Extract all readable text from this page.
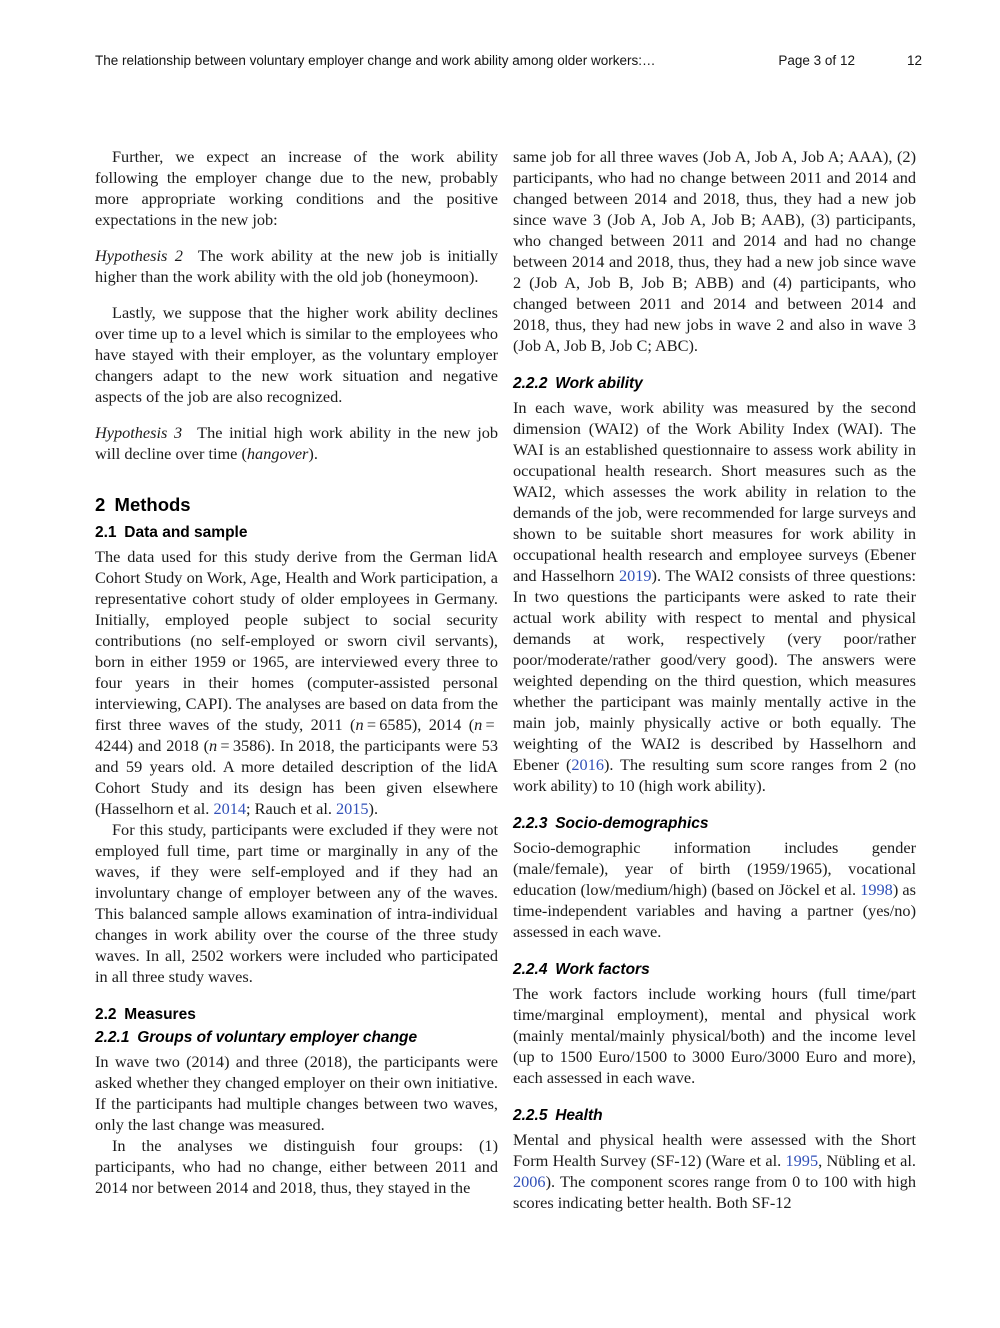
The relationship between voluntary employer change and work ability among older workers:…	Page 3 of 12	12

Further, we expect an increase of the work ability following the employer change due to the new, probably more appropriate working conditions and the positive expectations in the new job:

Hypothesis 2 The work ability at the new job is initially higher than the work ability with the old job (honeymoon).

Lastly, we suppose that the higher work ability declines over time up to a level which is similar to the employees who have stayed with their employer, as the voluntary employer changers adapt to the new work situation and negative aspects of the job are also recognized.

Hypothesis 3 The initial high work ability in the new job will decline over time (hangover).

2 Methods
2.1 Data and sample

The data used for this study derive from the German lidA Cohort Study on Work, Age, Health and Work participation, a representative cohort study of older employees in Germany. Initially, employed people subject to social security contributions (no self-employed or sworn civil servants), born in either 1959 or 1965, are interviewed every three to four years in their homes (computer-assisted personal interviewing, CAPI). The analyses are based on data from the first three waves of the study, 2011 (n = 6585), 2014 (n = 4244) and 2018 (n = 3586). In 2018, the participants were 53 and 59 years old. A more detailed description of the lidA Cohort Study and its design has been given elsewhere (Hasselhorn et al. 2014; Rauch et al. 2015).

For this study, participants were excluded if they were not employed full time, part time or marginally in any of the waves, if they were self-employed and if they had an involuntary change of employer between any of the waves. This balanced sample allows examination of intra-individual changes in work ability over the course of the three study waves. In all, 2502 workers were included who participated in all three study waves.

2.2 Measures
2.2.1 Groups of voluntary employer change

In wave two (2014) and three (2018), the participants were asked whether they changed employer on their own initiative. If the participants had multiple changes between two waves, only the last change was measured.

In the analyses we distinguish four groups: (1) participants, who had no change, either between 2011 and 2014 nor between 2014 and 2018, thus, they stayed in the

same job for all three waves (Job A, Job A, Job A; AAA), (2) participants, who had no change between 2011 and 2014 and changed between 2014 and 2018, thus, they had a new job since wave 3 (Job A, Job A, Job B; AAB), (3) participants, who changed between 2011 and 2014 and had no change between 2014 and 2018, thus, they had a new job since wave 2 (Job A, Job B, Job B; ABB) and (4) participants, who changed between 2011 and 2014 and between 2014 and 2018, thus, they had new jobs in wave 2 and also in wave 3 (Job A, Job B, Job C; ABC).

2.2.2 Work ability

In each wave, work ability was measured by the second dimension (WAI2) of the Work Ability Index (WAI). The WAI is an established questionnaire to assess work ability in occupational health research. Short measures such as the WAI2, which assesses the work ability in relation to the demands of the job, were recommended for large surveys and shown to be suitable short measures for work ability in occupational health research and employee surveys (Ebener and Hasselhorn 2019). The WAI2 consists of three questions: In two questions the participants were asked to rate their actual work ability with respect to mental and physical demands at work, respectively (very poor/rather poor/moderate/rather good/very good). The answers were weighted depending on the third question, which measures whether the participant was mainly mentally active in the main job, mainly physically active or both equally. The weighting of the WAI2 is described by Hasselhorn and Ebener (2016). The resulting sum score ranges from 2 (no work ability) to 10 (high work ability).

2.2.3 Socio-demographics

Socio-demographic information includes gender (male/female), year of birth (1959/1965), vocational education (low/medium/high) (based on Jöckel et al. 1998) as time-independent variables and having a partner (yes/no) assessed in each wave.

2.2.4 Work factors

The work factors include working hours (full time/part time/marginal employment), mental and physical work (mainly mental/mainly physical/both) and the income level (up to 1500 Euro/1500 to 3000 Euro/3000 Euro and more), each assessed in each wave.

2.2.5 Health

Mental and physical health were assessed with the Short Form Health Survey (SF-12) (Ware et al. 1995, Nübling et al. 2006). The component scores range from 0 to 100 with high scores indicating better health. Both SF-12
